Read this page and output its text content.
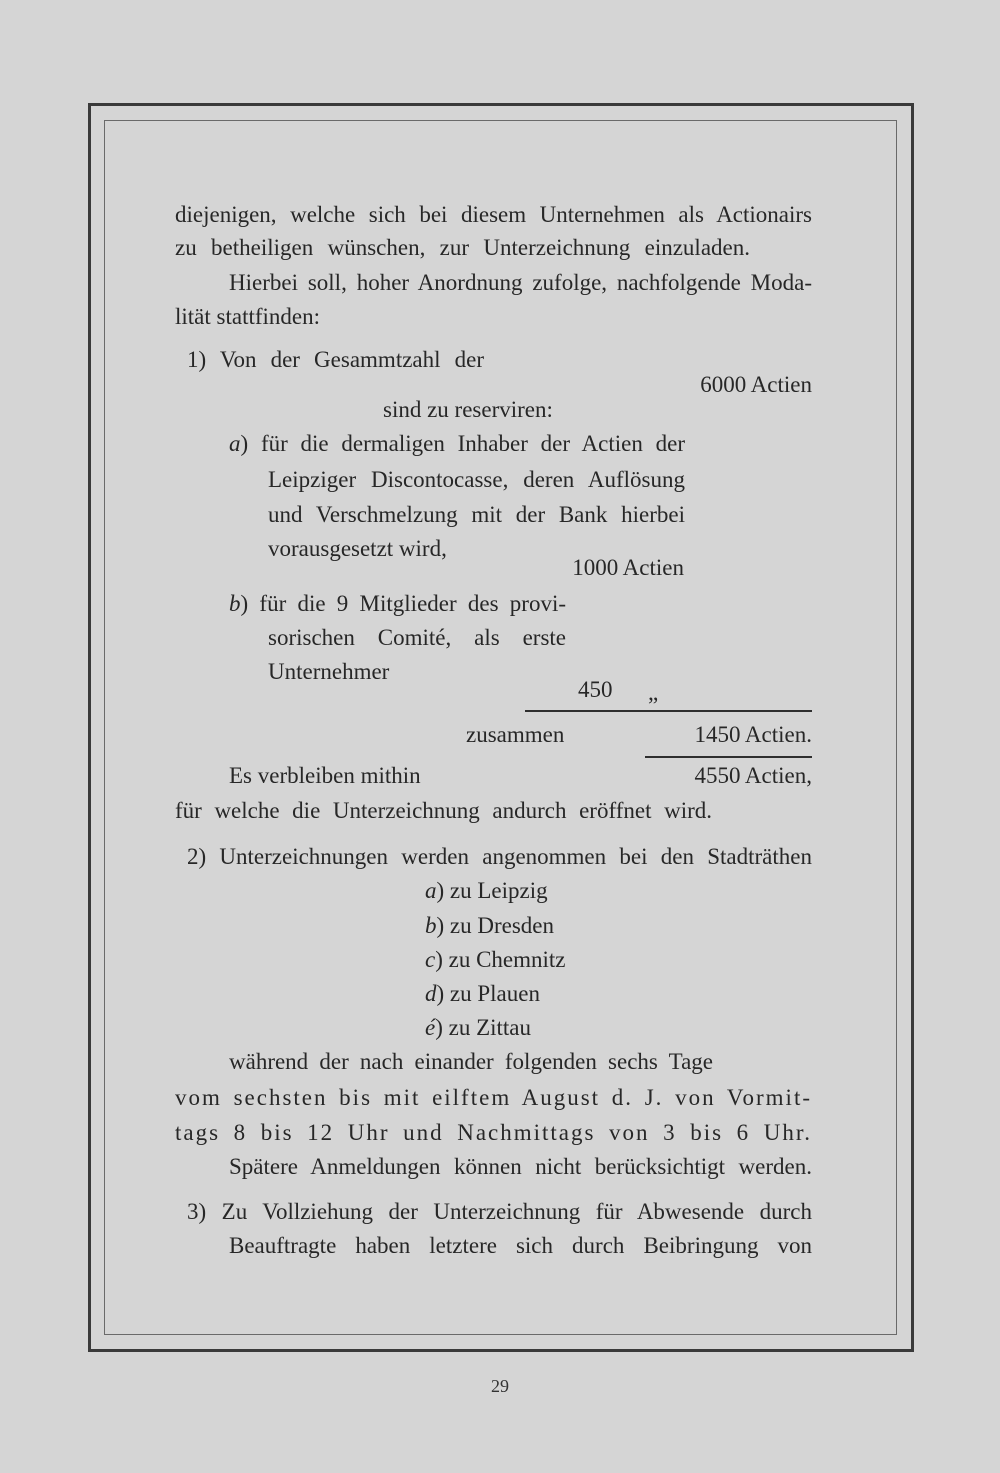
diejenigen, welche sich bei diesem Unternehmen als Actionairs
zu betheiligen wünschen, zur Unterzeichnung einzuladen.
Hierbei soll, hoher Anordnung zufolge, nachfolgende Moda-
lität stattfinden:
1) Von der Gesammtzahl der
6000 Actien
sind zu reserviren:
a) für die dermaligen Inhaber der Actien der
Leipziger Discontocasse, deren Auflösung
und Verschmelzung mit der Bank hierbei
vorausgesetzt wird,
1000 Actien
b) für die 9 Mitglieder des provi-
sorischen Comité, als erste
Unternehmer
450 „
zusammen	1450 Actien.
Es verbleiben mithin	4550 Actien,
für welche die Unterzeichnung andurch eröffnet wird.
2) Unterzeichnungen werden angenommen bei den Stadträthen
a) zu Leipzig
b) zu Dresden
c) zu Chemnitz
d) zu Plauen
é) zu Zittau
während der nach einander folgenden sechs Tage
vom sechsten bis mit eilftem August d. J. von Vormit-
tags 8 bis 12 Uhr und Nachmittags von 3 bis 6 Uhr.
Spätere Anmeldungen können nicht berücksichtigt werden.
3) Zu Vollziehung der Unterzeichnung für Abwesende durch
Beauftragte haben letztere sich durch Beibringung von
29
